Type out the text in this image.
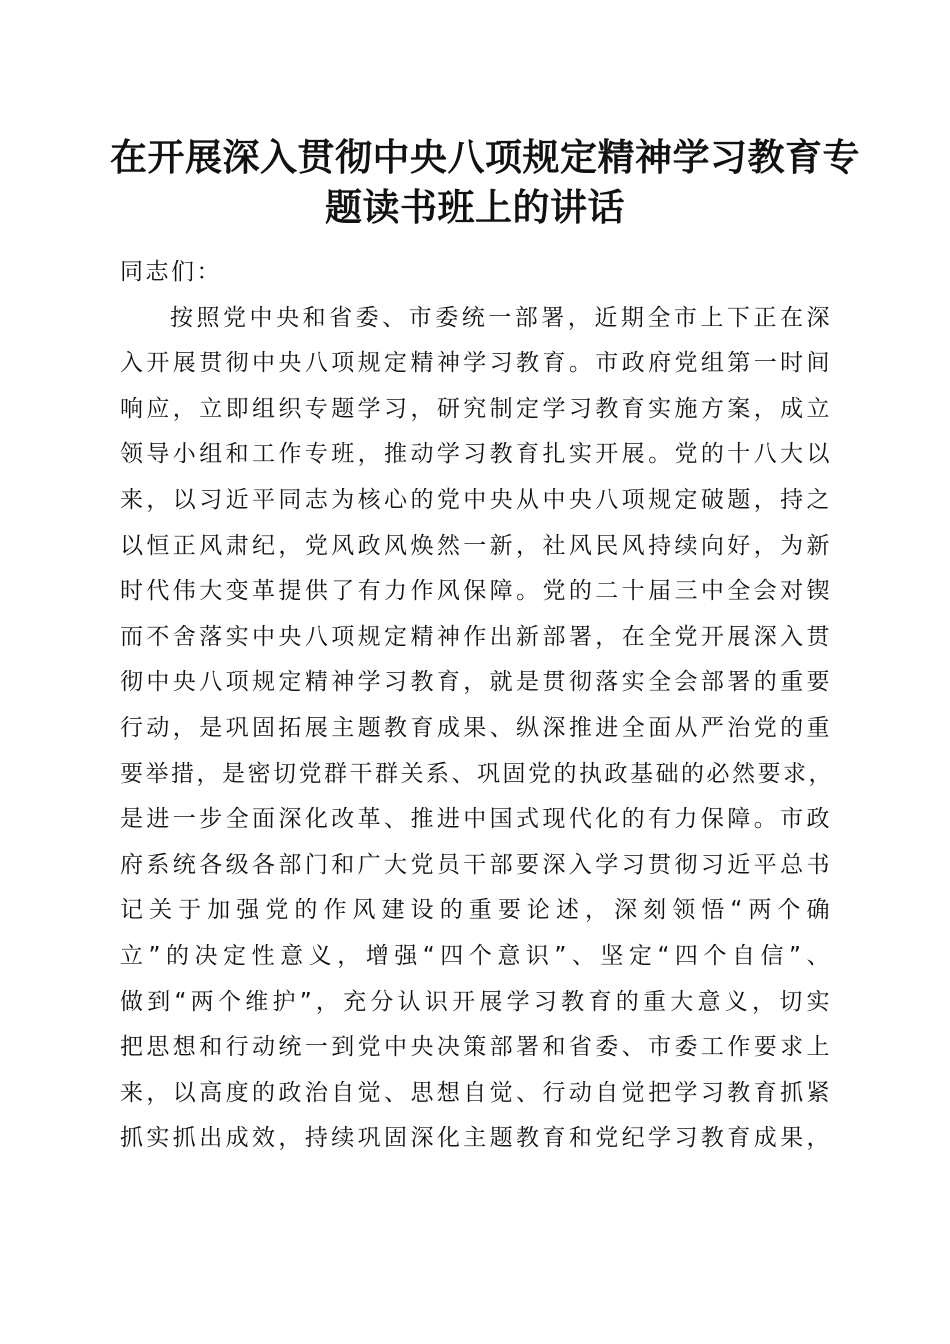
在开展深入贯彻中央八项规定精神学习教育专
题读书班上的讲话
同志们：
按照党中央和省委、市委统一部署，近期全市上下正在深
入开展贯彻中央八项规定精神学习教育。市政府党组第一时间
响应，立即组织专题学习，研究制定学习教育实施方案，成立
领导小组和工作专班，推动学习教育扎实开展。党的十八大以
来，以习近平同志为核心的党中央从中央八项规定破题，持之
以恒正风肃纪，党风政风焕然一新，社风民风持续向好，为新
时代伟大变革提供了有力作风保障。党的二十届三中全会对锲
而不舍落实中央八项规定精神作出新部署，在全党开展深入贯
彻中央八项规定精神学习教育，就是贯彻落实全会部署的重要
行动，是巩固拓展主题教育成果、纵深推进全面从严治党的重
要举措，是密切党群干群关系、巩固党的执政基础的必然要求，
是进一步全面深化改革、推进中国式现代化的有力保障。市政
府系统各级各部门和广大党员干部要深入学习贯彻习近平总书
记关于加强党的作风建设的重要论述，深刻领悟“两个确
立”的决定性意义，增强“四个意识”、坚定“四个自信”、
做到“两个维护”，充分认识开展学习教育的重大意义，切实
把思想和行动统一到党中央决策部署和省委、市委工作要求上
来，以高度的政治自觉、思想自觉、行动自觉把学习教育抓紧
抓实抓出成效，持续巩固深化主题教育和党纪学习教育成果，
